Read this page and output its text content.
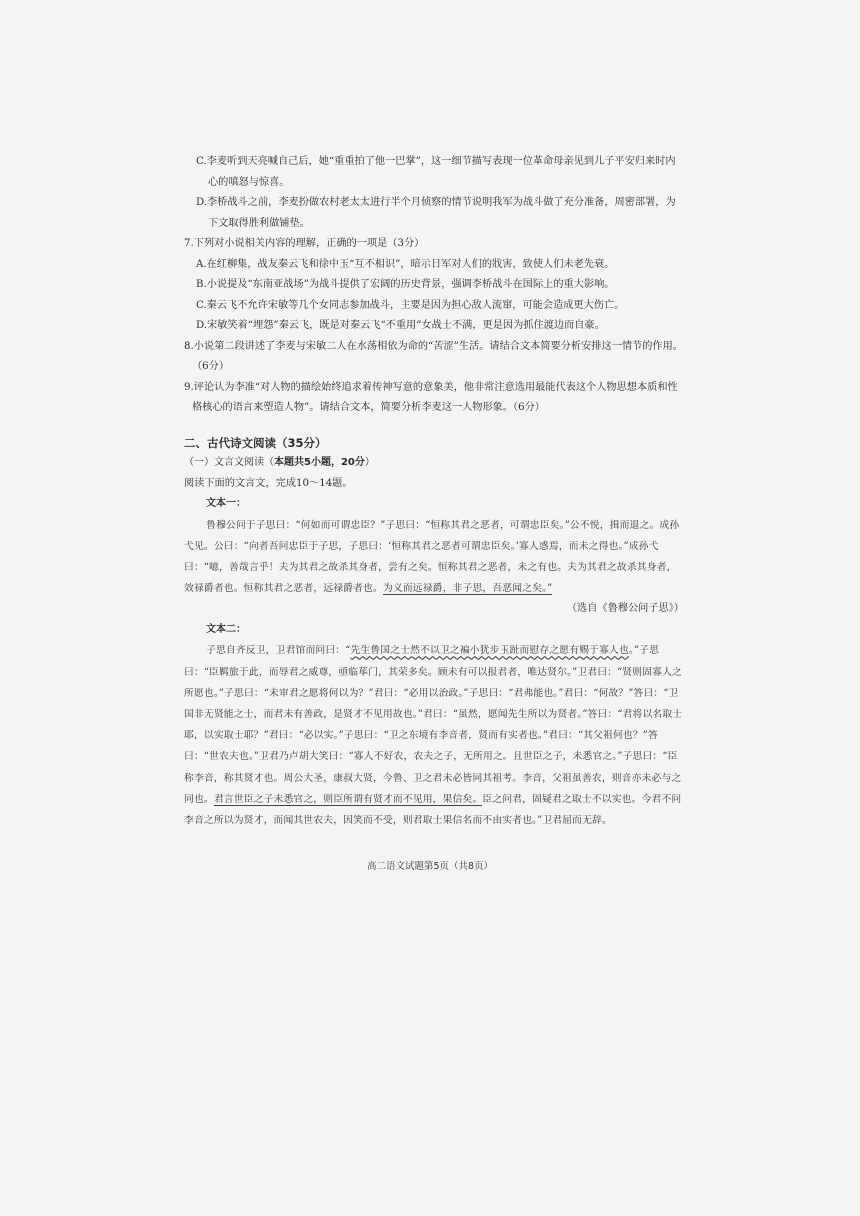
C.李麦听到天亮喊自己后，她“重重拍了他一巴掌”，这一细节描写表现一位革命母亲见到儿子平安归来时内心的嗔怒与惊喜。

D.李桥战斗之前，李麦扮做农村老太太进行半个月侦察的情节说明我军为战斗做了充分准备，周密部署，为下文取得胜利做铺垫。

7.下列对小说相关内容的理解，正确的一项是（3分）

A.在红柳集，战友秦云飞和徐中玉“互不相识”，暗示日军对人们的戕害，致使人们未老先衰。

B.小说提及“东南亚战场”为战斗提供了宏阔的历史背景，强调李桥战斗在国际上的重大影响。

C.秦云飞不允许宋敏等几个女同志参加战斗，主要是因为担心敌人流窜，可能会造成更大伤亡。

D.宋敏笑着“埋怨”秦云飞，既是对秦云飞“不重用”女战士不满，更是因为抓住渡边而自豪。

8.小说第二段讲述了李麦与宋敏二人在水荡相依为命的“苦涩”生活。请结合文本简要分析安排这一情节的作用。（6分）

9.评论认为李准“对人物的描绘始终追求着传神写意的意象美，他非常注意选用最能代表这个人物思想本质和性格核心的语言来塑造人物”。请结合文本，简要分析李麦这一人物形象。（6分）

二、古代诗文阅读（35分）

（一）文言文阅读（本题共5小题，20分）

阅读下面的文言文，完成10～14题。

文本一：

鲁穆公问于子思曰：“何如而可谓忠臣？”子思曰：“恒称其君之恶者，可谓忠臣矣。”公不悦，揖而退之。成孙弋见。公曰：“向者吾问忠臣于子思，子思曰：‘恒称其君之恶者可谓忠臣矣。’寡人惑焉，而未之得也。”成孙弋曰：“噫，善哉言乎！夫为其君之故杀其身者，尝有之矣。恒称其君之恶者，未之有也。夫为其君之故杀其身者，效禄爵者也。恒称其君之恶者，远禄爵者也。为义而远禄爵，非子思，吾恶闻之矣。”

（选自《鲁穆公问子思》）

文本二：

子思自齐反卫，卫君馆而问曰：“先生鲁国之士然不以卫之褊小犹步玉趾而慰存之愿有赐于寡人也。”子思曰：“臣羁旅于此，而辱君之威尊，亟临荜门，其荣多矣。顾未有可以报君者，唯达贤尔。”卫君曰：“贤则固寡人之所愿也。”子思曰：“未审君之愿将何以为？”君曰：“必用以治政。”子思曰：“君弗能也。”君曰：“何故？”答曰：“卫国非无贤能之士，而君未有善政，是贤才不见用故也。”君曰：“虽然，愿闻先生所以为贤者。”答曰：“君将以名取士耶，以实取士耶？”君曰：“必以实。”子思曰：“卫之东境有李音者，贤而有实者也。”君曰：“其父祖何也？”答曰：“世农夫也。”卫君乃卢胡大笑曰：“寡人不好农，农夫之子，无所用之。且世臣之子，未悉官之。”子思曰：“臣称李音，称其贤才也。周公大圣，康叔大贤，今鲁、卫之君未必皆同其祖考。李音，父祖虽善农，则音亦未必与之同也。君言世臣之子未悉官之，则臣所谓有贤才而不见用，果信矣。臣之问君，固疑君之取士不以实也。今君不问李音之所以为贤才，而闻其世农夫，因笑而不受，则君取士果信名而不由实者也。”卫君屈而无辞。

高二语文试题第5页（共8页）
